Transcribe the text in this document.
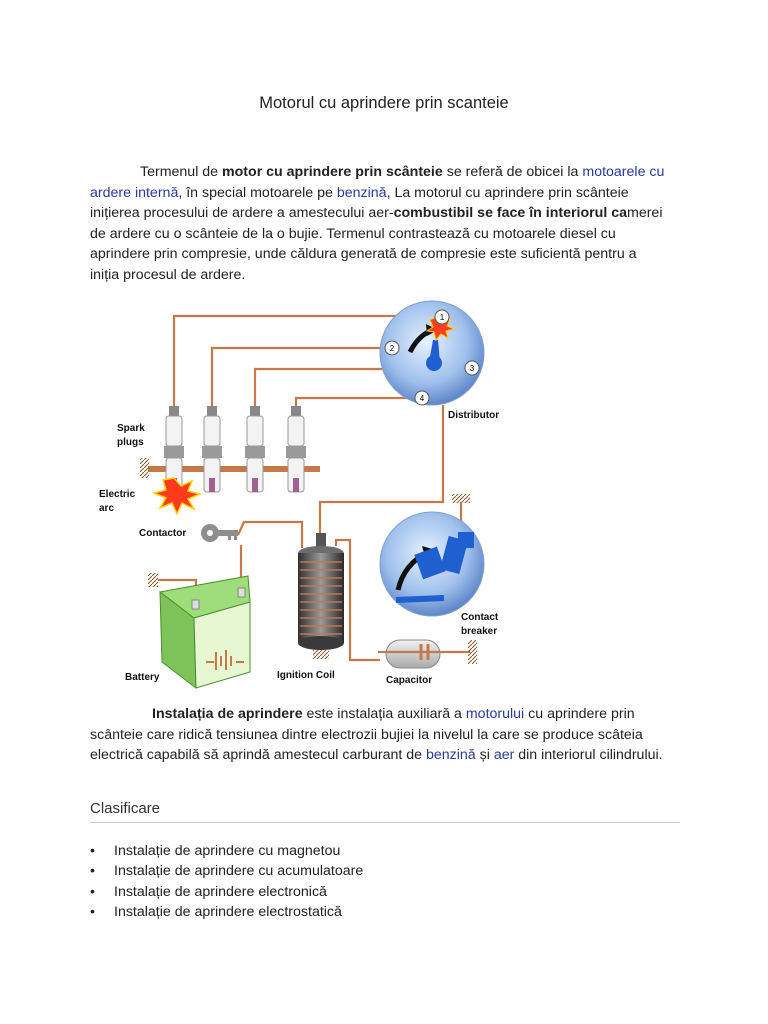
Motorul cu aprindere prin scanteie
Termenul de motor cu aprindere prin scânteie se referă de obicei la motoarele cu ardere internă, în special motoarele pe benzină, La motorul cu aprindere prin scânteie inițierea procesului de ardere a amestecului aer-combustibil se face în interiorul camerei de ardere cu o scânteie de la o bujie. Termenul contrastează cu motoarele diesel cu aprindere prin compresie, unde căldura generată de compresie este suficientă pentru a iniția procesul de ardere.
1
2
3
4
Spark
plugs
Electric
arc
Contactor
Battery	Ignition Coil	Capacitor
Distributor
Contact
breaker
Instalația de aprindere este instalația auxiliară a motorului cu aprindere prin scânteie care ridică tensiunea dintre electrozii bujiei la nivelul la care se produce scâteia electrică capabilă să aprindă amestecul carburant de benzină și aer din interiorul cilindrului.
Clasificare
• Instalație de aprindere cu magnetou
• Instalație de aprindere cu acumulatoare
• Instalație de aprindere electronică
• Instalație de aprindere electrostatică
